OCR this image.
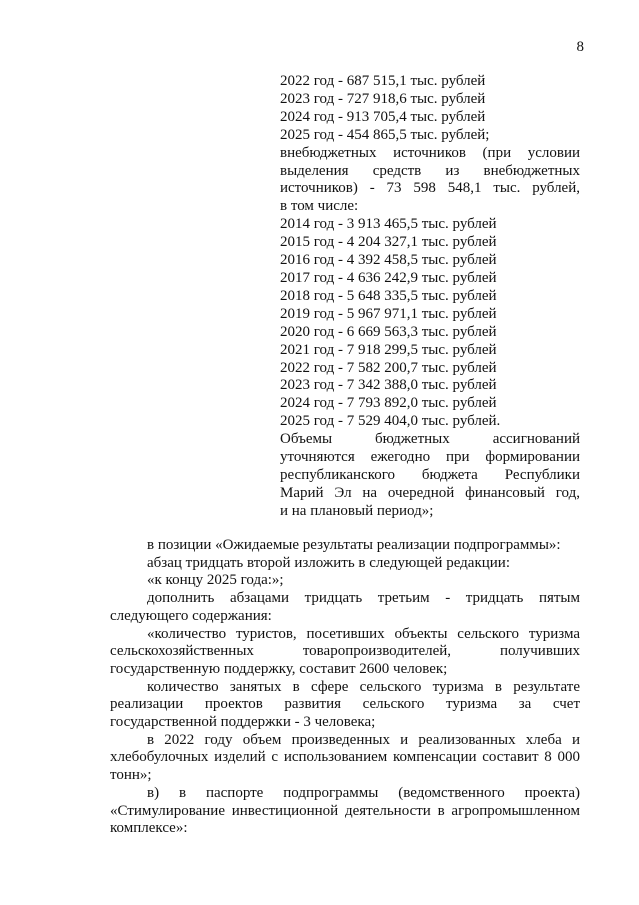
8
2022 год - 687 515,1 тыс. рублей
2023 год - 727 918,6 тыс. рублей
2024 год - 913 705,4 тыс. рублей
2025 год - 454 865,5 тыс. рублей;
внебюджетных источников (при условии
выделения средств из внебюджетных
источников) - 73 598 548,1 тыс. рублей,
в том числе:
2014 год - 3 913 465,5 тыс. рублей
2015 год - 4 204 327,1 тыс. рублей
2016 год - 4 392 458,5 тыс. рублей
2017 год - 4 636 242,9 тыс. рублей
2018 год - 5 648 335,5 тыс. рублей
2019 год - 5 967 971,1 тыс. рублей
2020 год - 6 669 563,3 тыс. рублей
2021 год - 7 918 299,5 тыс. рублей
2022 год - 7 582 200,7 тыс. рублей
2023 год - 7 342 388,0 тыс. рублей
2024 год - 7 793 892,0 тыс. рублей
2025 год - 7 529 404,0 тыс. рублей.
Объемы бюджетных ассигнований
уточняются ежегодно при формировании
республиканского бюджета Республики
Марий Эл на очередной финансовый год,
и на плановый период»;

в позиции «Ожидаемые результаты реализации подпрограммы»:

абзац тридцать второй изложить в следующей редакции:

«к концу 2025 года:»;

дополнить абзацами тридцать третьим - тридцать пятым следующего содержания:

«количество туристов, посетивших объекты сельского туризма сельскохозяйственных товаропроизводителей, получивших государственную поддержку, составит 2600 человек;

количество занятых в сфере сельского туризма в результате реализации проектов развития сельского туризма за счет государственной поддержки - 3 человека;

в 2022 году объем произведенных и реализованных хлеба и хлебобулочных изделий с использованием компенсации составит 8 000 тонн»;

в) в паспорте подпрограммы (ведомственного проекта) «Стимулирование инвестиционной деятельности в агропромышленном комплексе»:
